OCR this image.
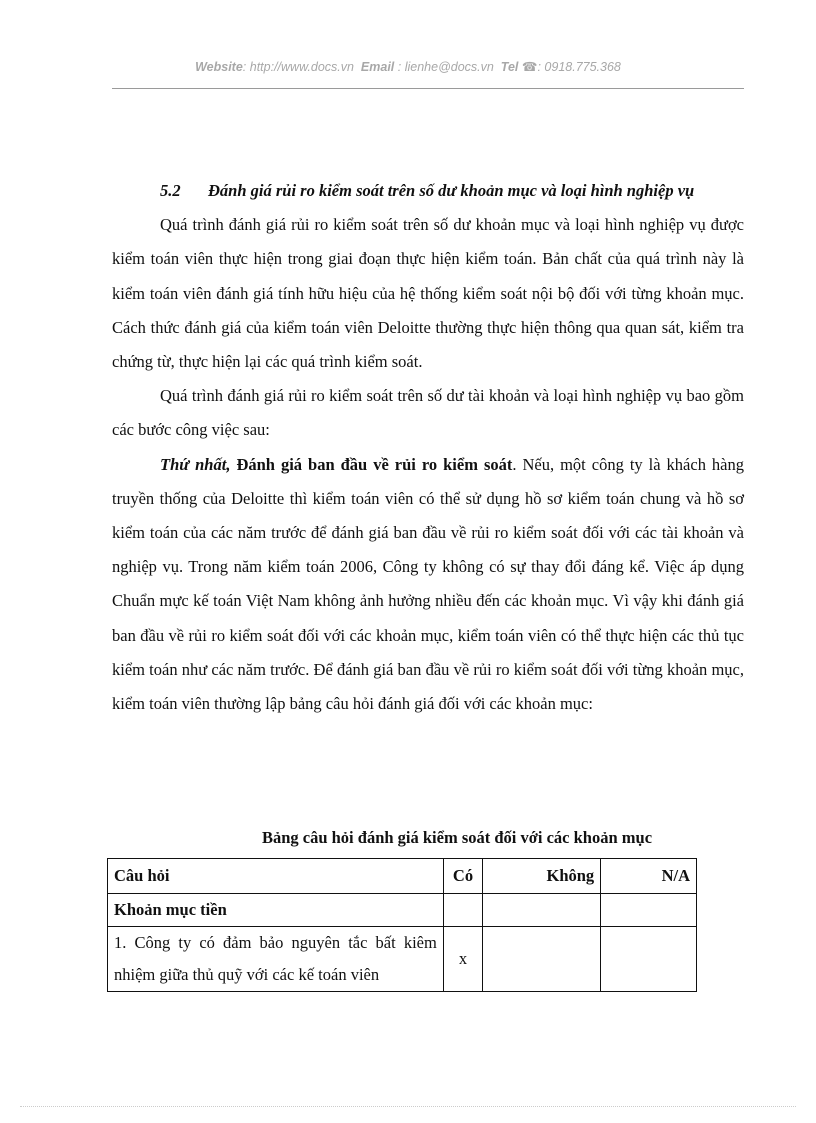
Website: http://www.docs.vn Email : lienhe@docs.vn Tel ☎: 0918.775.368

5.2 Đánh giá rủi ro kiểm soát trên số dư khoản mục và loại hình nghiệp vụ

Quá trình đánh giá rủi ro kiểm soát trên số dư khoản mục và loại hình nghiệp vụ được kiểm toán viên thực hiện trong giai đoạn thực hiện kiểm toán. Bản chất của quá trình này là kiểm toán viên đánh giá tính hữu hiệu của hệ thống kiểm soát nội bộ đối với từng khoản mục. Cách thức đánh giá của kiểm toán viên Deloitte thường thực hiện thông qua quan sát, kiểm tra chứng từ, thực hiện lại các quá trình kiểm soát.

Quá trình đánh giá rủi ro kiểm soát trên số dư tài khoản và loại hình nghiệp vụ bao gồm các bước công việc sau:

Thứ nhất, Đánh giá ban đầu về rủi ro kiểm soát. Nếu, một công ty là khách hàng truyền thống của Deloitte thì kiểm toán viên có thể sử dụng hồ sơ kiểm toán chung và hồ sơ kiểm toán của các năm trước để đánh giá ban đầu về rủi ro kiểm soát đối với các tài khoản và nghiệp vụ. Trong năm kiểm toán 2006, Công ty không có sự thay đổi đáng kể. Việc áp dụng Chuẩn mực kế toán Việt Nam không ảnh hưởng nhiều đến các khoản mục. Vì vậy khi đánh giá ban đầu về rủi ro kiểm soát đối với các khoản mục, kiểm toán viên có thể thực hiện các thủ tục kiểm toán như các năm trước. Để đánh giá ban đầu về rủi ro kiểm soát đối với từng khoản mục, kiểm toán viên thường lập bảng câu hỏi đánh giá đối với các khoản mục:

Bảng câu hỏi đánh giá kiểm soát đối với các khoản mục
Câu hỏi	Có	Không	N/A
Khoản mục tiền			
1. Công ty có đảm bảo nguyên tắc bất kiêm nhiệm giữa thủ quỹ với các kế toán viên	x		
